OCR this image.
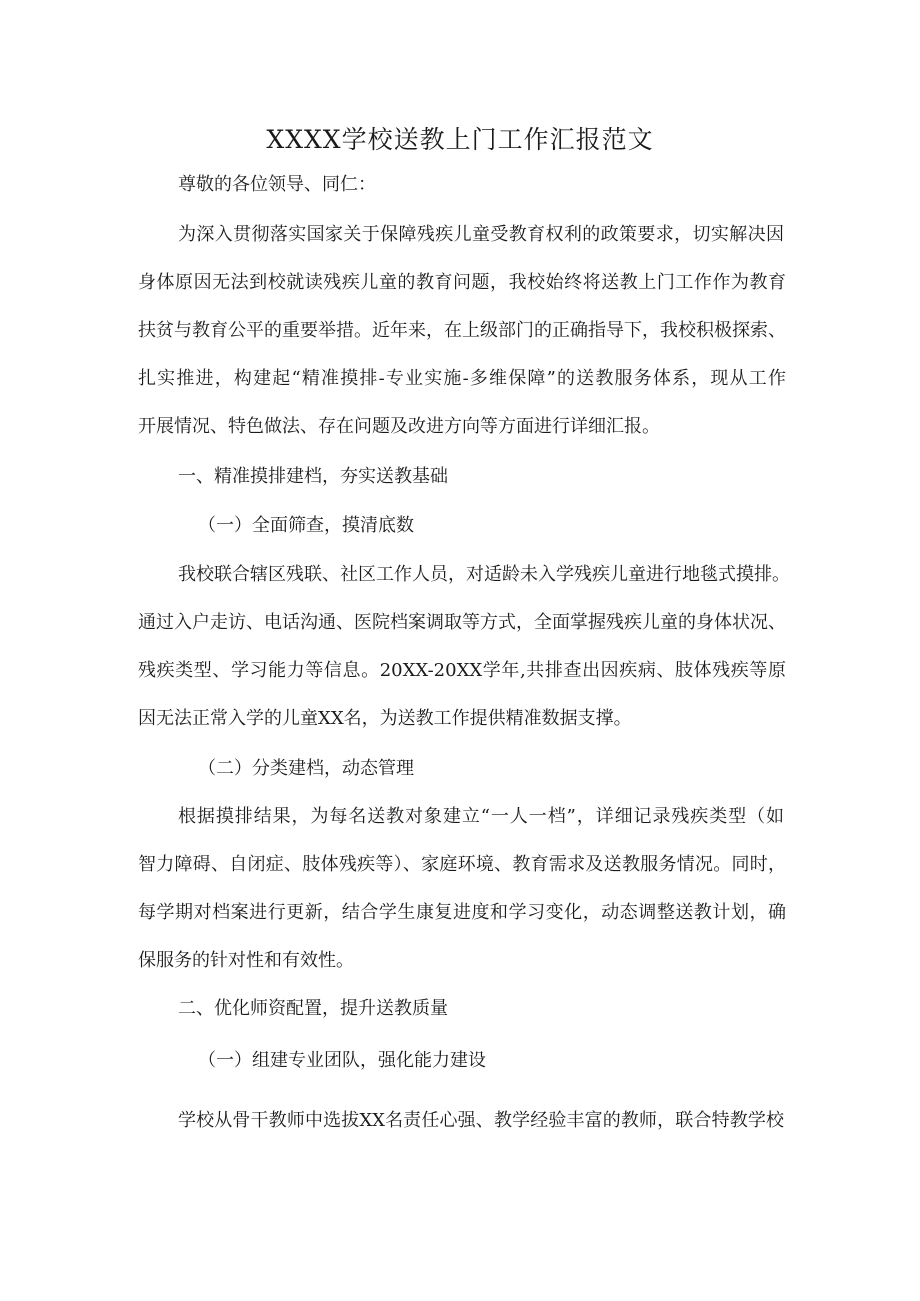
XXXX学校送教上门工作汇报范文
尊敬的各位领导、同仁：
为深入贯彻落实国家关于保障残疾儿童受教育权利的政策要求，切实解决因
身体原因无法到校就读残疾儿童的教育问题，我校始终将送教上门工作作为教育
扶贫与教育公平的重要举措。近年来，在上级部门的正确指导下，我校积极探索、
扎实推进，构建起“精准摸排-专业实施-多维保障”的送教服务体系，现从工作
开展情况、特色做法、存在问题及改进方向等方面进行详细汇报。
一、精准摸排建档，夯实送教基础
（一）全面筛查，摸清底数
我校联合辖区残联、社区工作人员，对适龄未入学残疾儿童进行地毯式摸排。
通过入户走访、电话沟通、医院档案调取等方式，全面掌握残疾儿童的身体状况、
残疾类型、学习能力等信息。20XX-20XX学年,共排查出因疾病、肢体残疾等原
因无法正常入学的儿童XX名，为送教工作提供精准数据支撑。
（二）分类建档，动态管理
根据摸排结果，为每名送教对象建立“一人一档”，详细记录残疾类型（如
智力障碍、自闭症、肢体残疾等）、家庭环境、教育需求及送教服务情况。同时，
每学期对档案进行更新，结合学生康复进度和学习变化，动态调整送教计划，确
保服务的针对性和有效性。
二、优化师资配置，提升送教质量
（一）组建专业团队，强化能力建设
学校从骨干教师中选拔XX名责任心强、教学经验丰富的教师，联合特教学校
